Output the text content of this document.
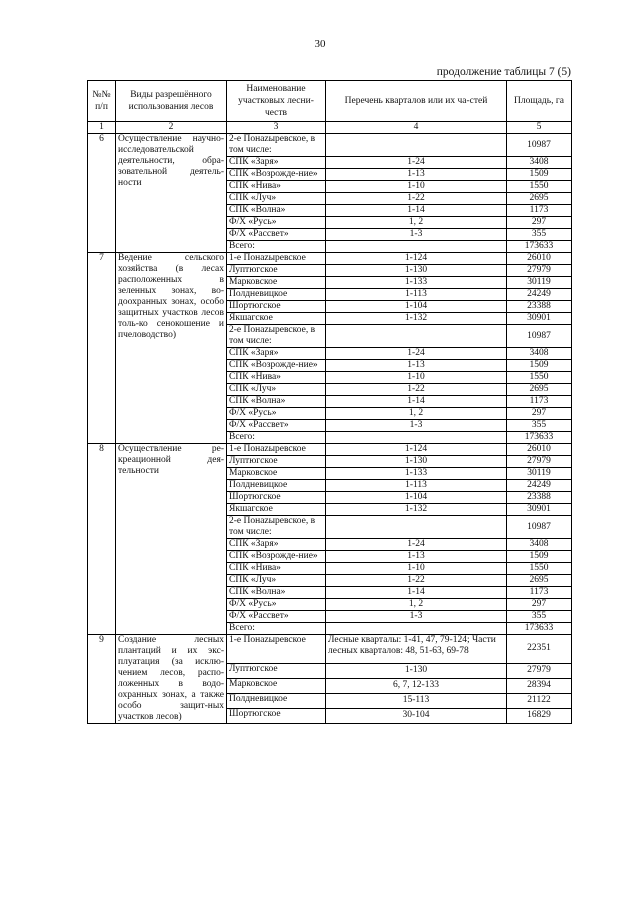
30
продолжение таблицы 7 (5)
№№ п/п	Виды разрешённого использования лесов	Наименование участковых лесни-честв	Перечень кварталов или их ча-стей	Площадь, га
1	2	3	4	5
6	Осуществление научно-исследовательской деятельности, обра-зовательной деятель-ности	2-е Понazыревское, в том числе:		10987
		СПК «Заря»	1-24	3408
		СПК «Возрожде-ние»	1-13	1509
		СПК «Нива»	1-10	1550
		СПК «Луч»	1-22	2695
		СПК «Волна»	1-14	1173
		Ф/Х «Русь»	1, 2	297
		Ф/Х «Рассвет»	1-3	355
		Всего:		173633
7	Ведение сельского хозяйства (в лесах расположенных в зеленных зонах, во-доохранных зонах, особо защитных участков лесов толь-ко сенокошение и пчеловодство)	1-е Понazыревское	1-124	26010
		Луптюгское	1-130	27979
		Марковское	1-133	30119
		Полдневицкое	1-113	24249
		Шортюгское	1-104	23388
		Якшагское	1-132	30901
		2-е Понazыревское, в том числе:		10987
		СПК «Заря»	1-24	3408
		СПК «Возрожде-ние»	1-13	1509
		СПК «Нива»	1-10	1550
		СПК «Луч»	1-22	2695
		СПК «Волна»	1-14	1173
		Ф/Х «Русь»	1, 2	297
		Ф/Х «Рассвет»	1-3	355
		Всего:		173633
8	Осуществление ре-креационной дея-тельности	1-е Понazыревское	1-124	26010
		Луптюгское	1-130	27979
		Марковское	1-133	30119
		Полдневицкое	1-113	24249
		Шортюгское	1-104	23388
		Якшагское	1-132	30901
		2-е Понazыревское, в том числе:		10987
		СПК «Заря»	1-24	3408
		СПК «Возрожде-ние»	1-13	1509
		СПК «Нива»	1-10	1550
		СПК «Луч»	1-22	2695
		СПК «Волна»	1-14	1173
		Ф/Х «Русь»	1, 2	297
		Ф/Х «Рассвет»	1-3	355
		Всего:		173633
9	Создание лесных плантаций и их экс-плуатация (за исклю-чением лесов, распо-ложенных в водо-охранных зонах, а также особо защит-ных участков лесов)	1-е Понazыревское	Лесные кварталы: 1-41, 47, 79-124; Части лесных кварталов: 48, 51-63, 69-78	22351
		Луптюгское	1-130	27979
		Марковское	6, 7, 12-133	28394
		Полдневицкое	15-113	21122
		Шортюгское	30-104	16829
